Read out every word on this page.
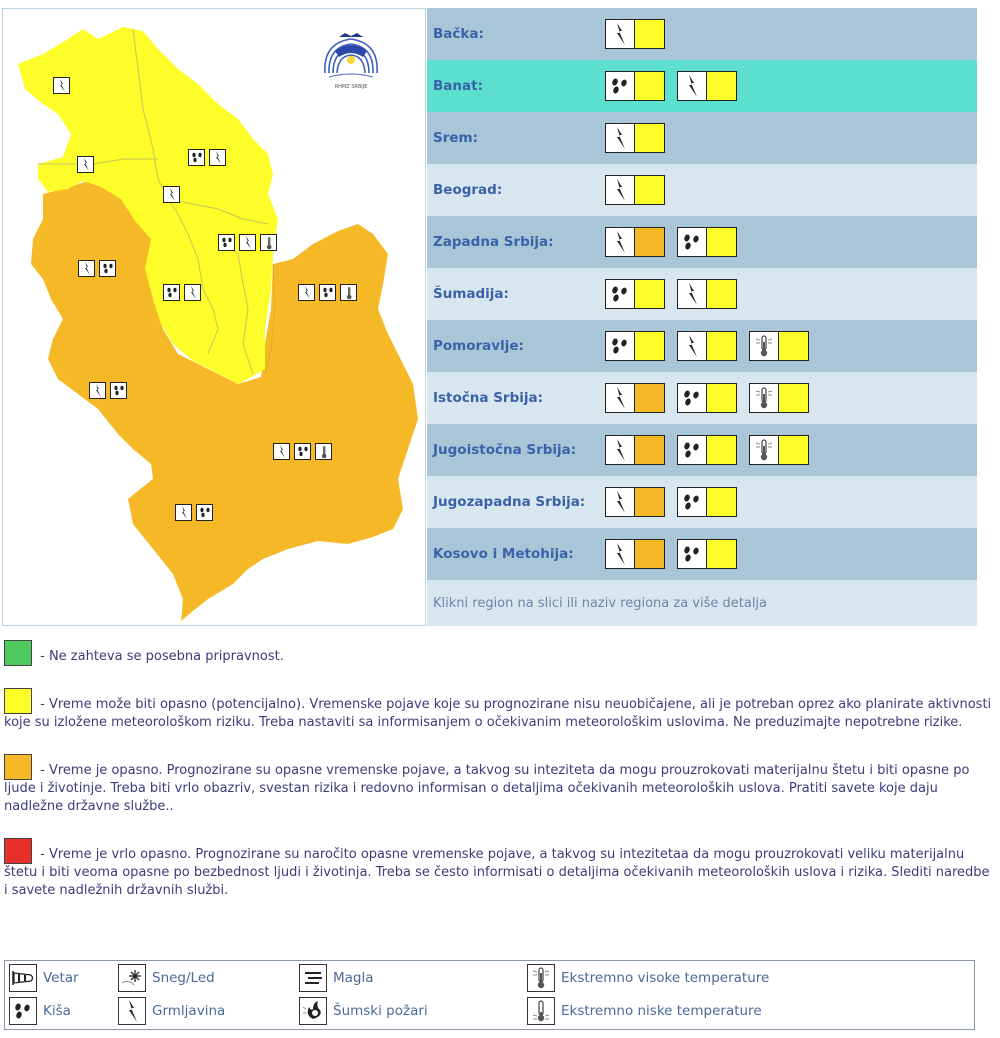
RHMZ SRBIJE
Bačka:
Banat:
Srem:
Beograd:
Zapadna Srbija:
Šumadija:
Pomoravlje:
Istočna Srbija:
Jugoistočna Srbija:
Jugozapadna Srbija:
Kosovo i Metohija:
Klikni region na slici ili naziv regiona za više detalja
- Ne zahteva se posebna pripravnost.
- Vreme može biti opasno (potencijalno). Vremenske pojave koje su prognozirane nisu neuobičajene, ali je potreban oprez ako planirate aktivnosti koje su izložene meteorološkom riziku. Treba nastaviti sa informisanjem o očekivanim meteorološkim uslovima. Ne preduzimajte nepotrebne rizike.
- Vreme je opasno. Prognozirane su opasne vremenske pojave, a takvog su inteziteta da mogu prouzrokovati materijalnu štetu i biti opasne po ljude i životinje. Treba biti vrlo obazriv, svestan rizika i redovno informisan o detaljima očekivanih meteoroloških uslova. Pratiti savete koje daju nadležne državne službe..
- Vreme je vrlo opasno. Prognozirane su naročito opasne vremenske pojave, a takvog su intezitetaa da mogu prouzrokovati veliku materijalnu štetu i biti veoma opasne po bezbednost ljudi i životinja. Treba se često informisati o detaljima očekivanih meteoroloških uslova i rizika. Slediti naredbe i savete nadležnih državnih službi.
Vetar	Sneg/Led	Magla	Ekstremno visoke temperature
Kiša	Grmljavina	Šumski požari	Ekstremno niske temperature
